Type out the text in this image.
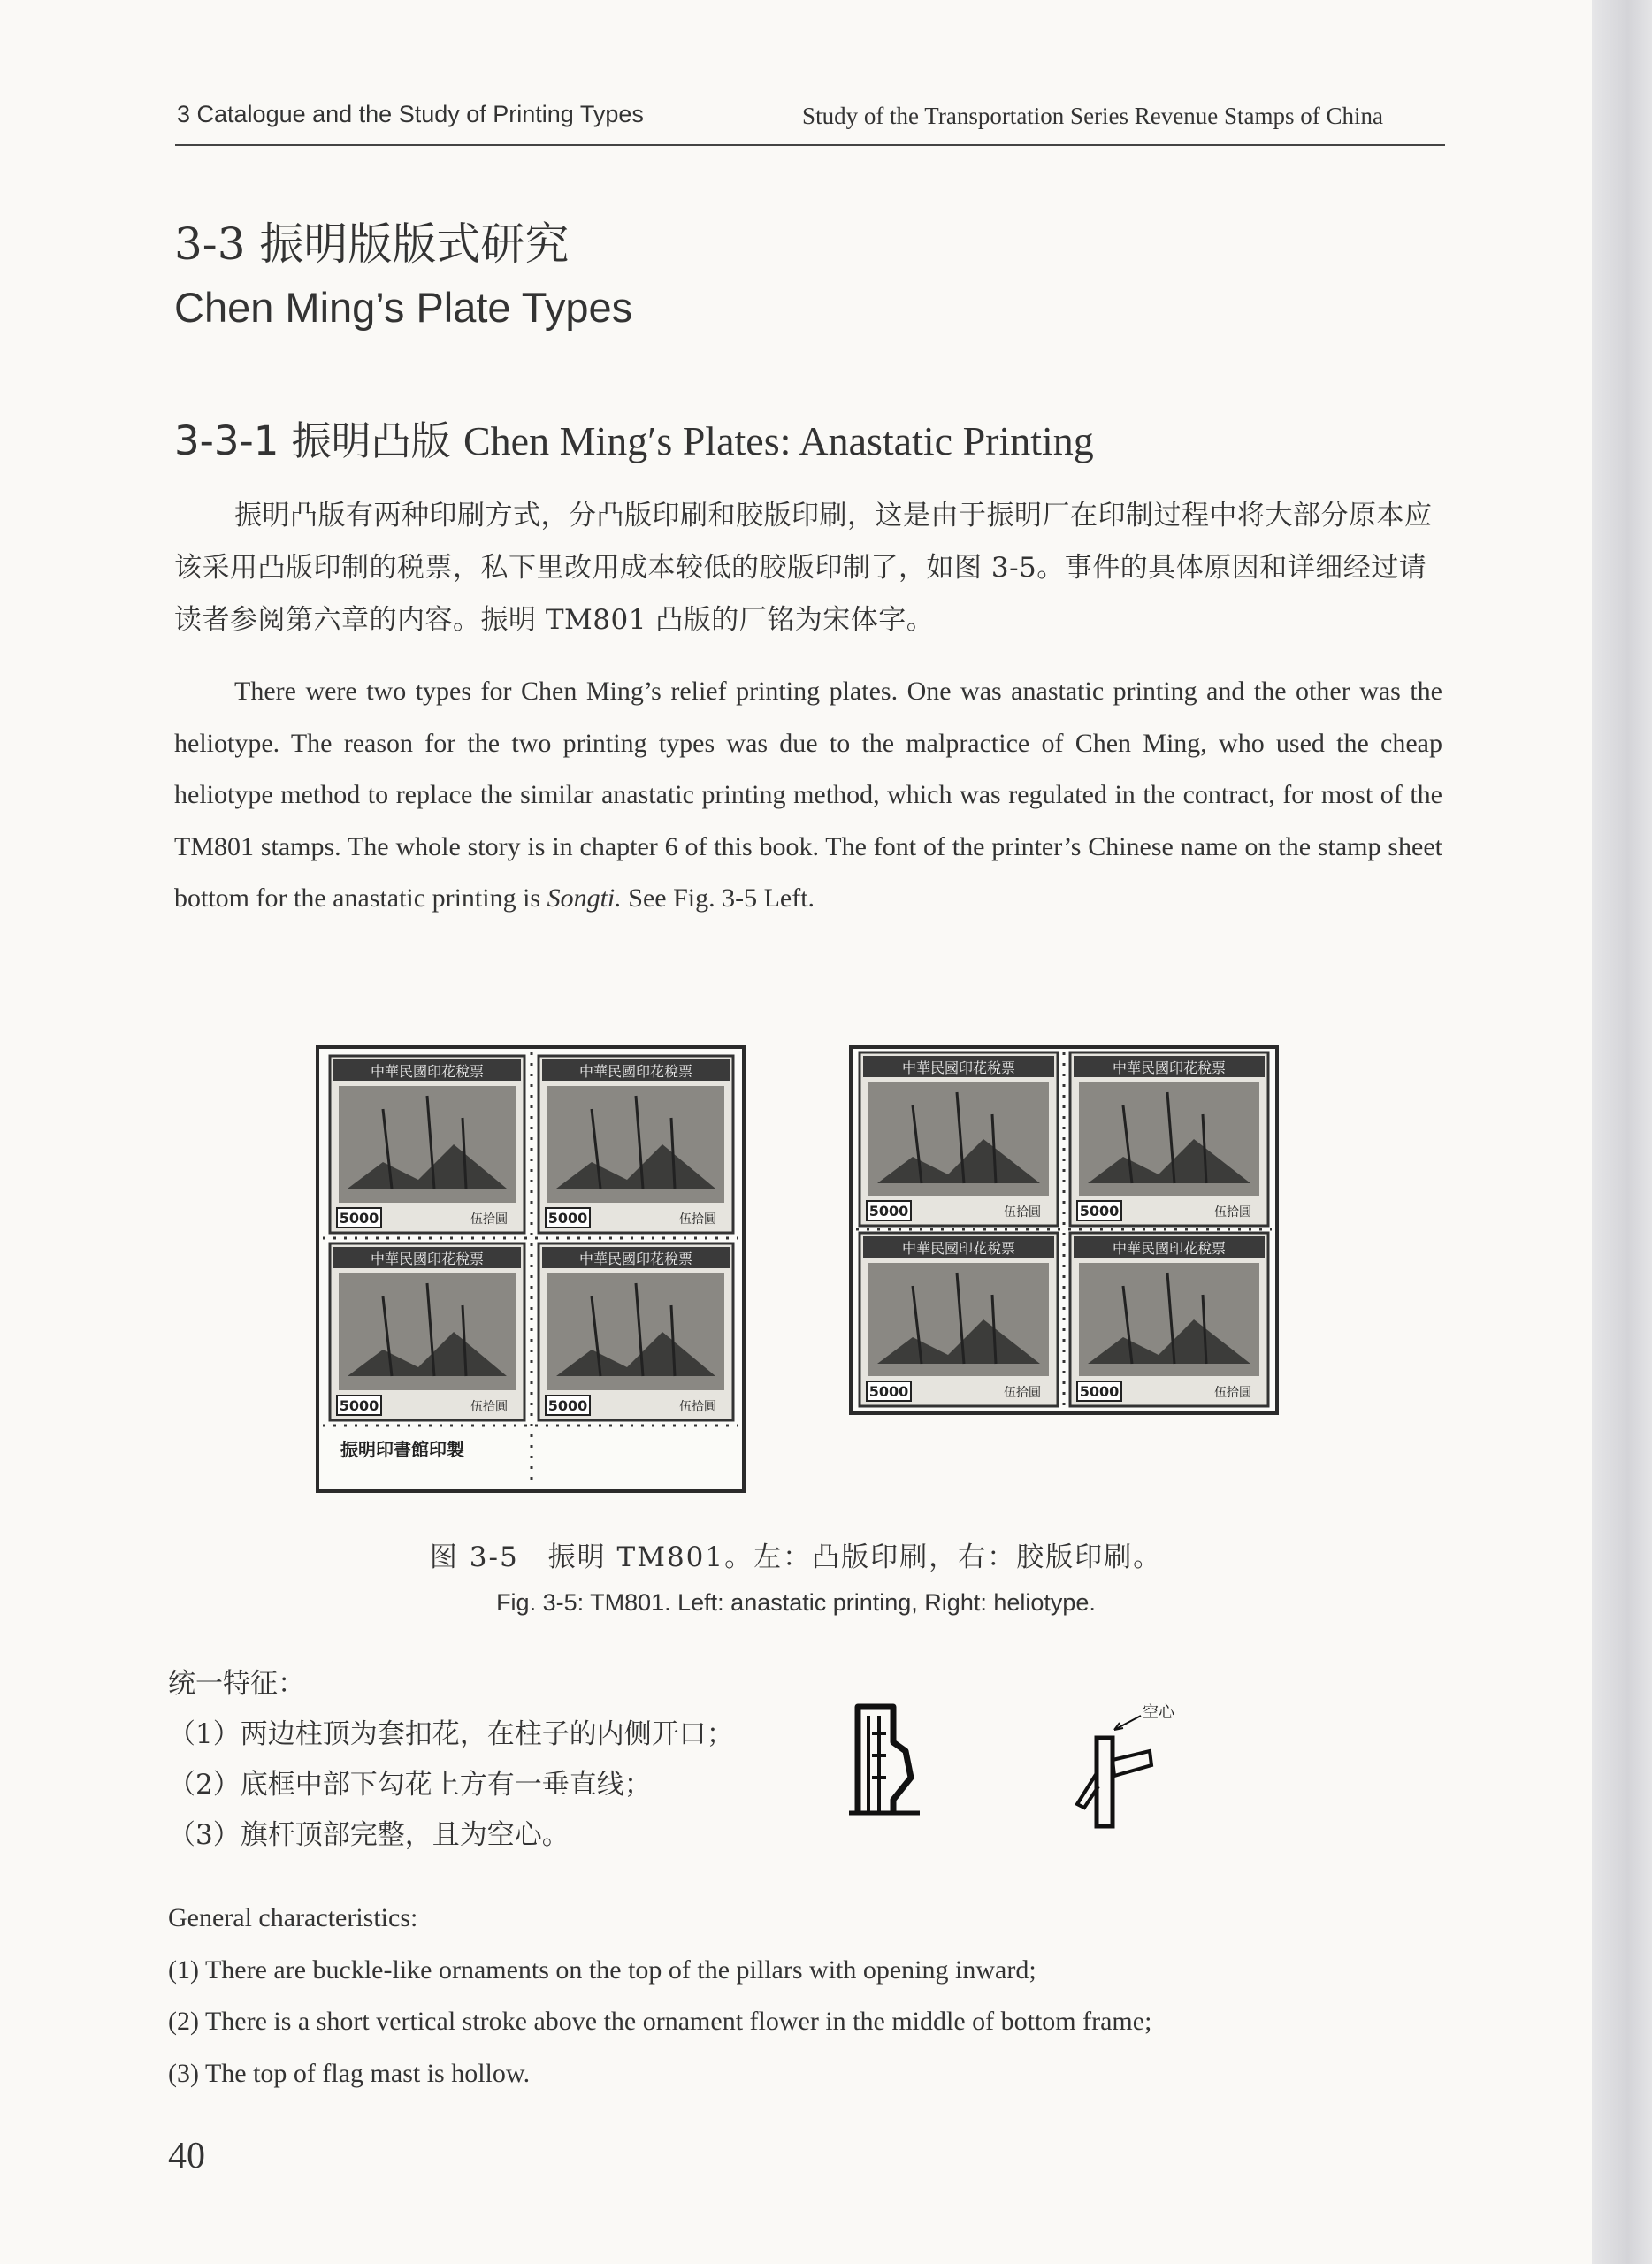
3 Catalogue and the Study of Printing Types	Study of the Transportation Series Revenue Stamps of China
3-3 振明版版式研究
Chen Ming’s Plate Types
3-3-1 振明凸版 Chen Ming′s Plates: Anastatic Printing
振明凸版有两种印刷方式，分凸版印刷和胶版印刷，这是由于振明厂在印制过程中将大部分原本应该采用凸版印制的税票，私下里改用成本较低的胶版印制了，如图 3-5。事件的具体原因和详细经过请读者参阅第六章的内容。振明 TM801 凸版的厂铭为宋体字。
There were two types for Chen Ming’s relief printing plates. One was anastatic printing and the other was the heliotype. The reason for the two printing types was due to the malpractice of Chen Ming, who used the cheap heliotype method to replace the similar anastatic printing method, which was regulated in the contract, for most of the TM801 stamps. The whole story is in chapter 6 of this book. The font of the printer’s Chinese name on the stamp sheet bottom for the anastatic printing is Songti. See Fig. 3-5 Left.
中華民國印花稅票
5000	伍拾圓
中華民國印花稅票
5000	伍拾圓
中華民國印花稅票
5000	伍拾圓
中華民國印花稅票
5000	伍拾圓
振明印書館印製
中華民國印花稅票
5000	伍拾圓
中華民國印花稅票
5000	伍拾圓
中華民國印花稅票
5000	伍拾圓
中華民國印花稅票
5000	伍拾圓
图 3-5　振明 TM801。左：凸版印刷，右：胶版印刷。
Fig. 3-5: TM801. Left: anastatic printing, Right: heliotype.
统一特征：
（1）两边柱顶为套扣花，在柱子的内侧开口；
（2）底框中部下勾花上方有一垂直线；
（3）旗杆顶部完整，且为空心。
空心
General characteristics:
(1) There are buckle-like ornaments on the top of the pillars with opening inward;
(2) There is a short vertical stroke above the ornament flower in the middle of bottom frame;
(3) The top of flag mast is hollow.
40
